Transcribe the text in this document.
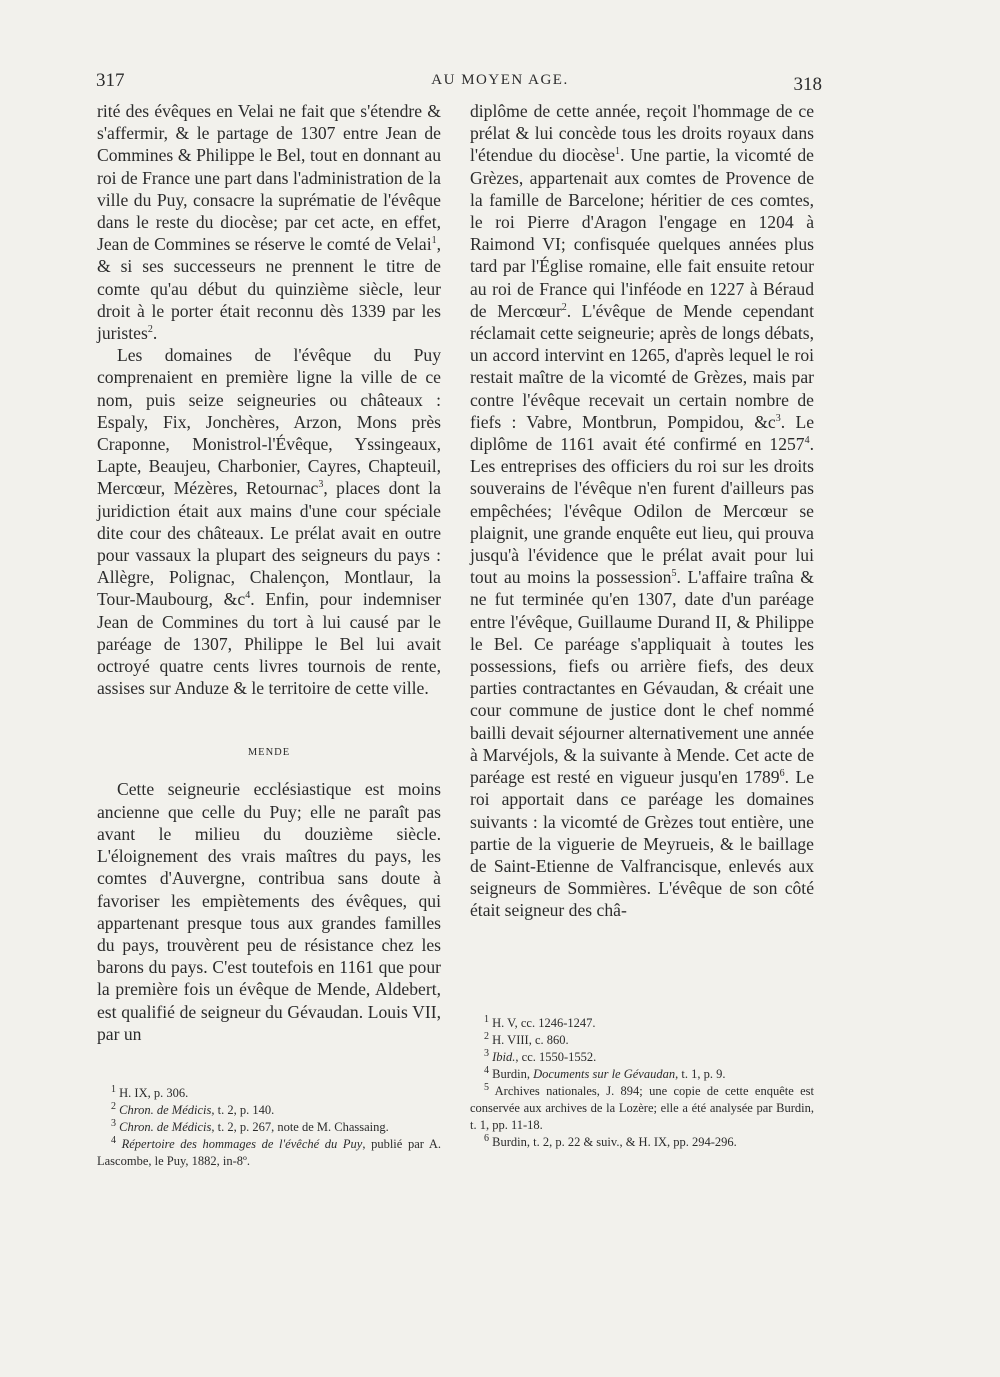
317	AU MOYEN AGE.	318

rité des évêques en Velai ne fait que s'étendre & s'affermir, & le partage de 1307 entre Jean de Commines & Philippe le Bel, tout en donnant au roi de France une part dans l'administration de la ville du Puy, consacre la suprématie de l'évêque dans le reste du diocèse; par cet acte, en effet, Jean de Commines se réserve le comté de Velai$^1$, & si ses successeurs ne prennent le titre de comte qu'au début du quinzième siècle, leur droit à le porter était reconnu dès 1339 par les juristes$^2$.

Les domaines de l'évêque du Puy comprenaient en première ligne la ville de ce nom, puis seize seigneuries ou châteaux : Espaly, Fix, Jonchères, Arzon, Mons près Craponne, Monistrol-l'Évêque, Yssingeaux, Lapte, Beaujeu, Charbonier, Cayres, Chapteuil, Mercœur, Mézères, Retournac$^3$, places dont la juridiction était aux mains d'une cour spéciale dite cour des châteaux. Le prélat avait en outre pour vassaux la plupart des seigneurs du pays : Allègre, Polignac, Chalençon, Montlaur, la Tour-Maubourg, $\&c^4$. Enfin, pour indemniser Jean de Commines du tort à lui causé par le paréage de 1307, Philippe le Bel lui avait octroyé quatre cents livres tournois de rente, assises sur Anduze & le territoire de cette ville.

MENDE

Cette seigneurie ecclésiastique est moins ancienne que celle du Puy; elle ne paraît pas avant le milieu du douzième siècle. L'éloignement des vrais maîtres du pays, les comtes d'Auvergne, contribua sans doute à favoriser les empiètements des évêques, qui appartenant presque tous aux grandes familles du pays, trouvèrent peu de résistance chez les barons du pays. C'est toutefois en 1161 que pour la première fois un évêque de Mende, Aldebert, est qualifié de seigneur du Gévaudan. Louis VII, par un

diplôme de cette année, reçoit l'hommage de ce prélat & lui concède tous les droits royaux dans l'étendue du diocèse$^1$. Une partie, la vicomté de Grèzes, appartenait aux comtes de Provence de la famille de Barcelone; héritier de ces comtes, le roi Pierre d'Aragon l'engage en 1204 à Raimond VI; confisquée quelques années plus tard par l'Église romaine, elle fait ensuite retour au roi de France qui l'inféode en 1227 à Béraud de Mercœur$^2$. L'évêque de Mende cependant réclamait cette seigneurie; après de longs débats, un accord intervint en 1265, d'après lequel le roi restait maître de la vicomté de Grèzes, mais par contre l'évêque recevait un certain nombre de fiefs : Vabre, Montbrun, Pompidou, $\&c^3$. Le diplôme de 1161 avait été confirmé en 1257$^4$. Les entreprises des officiers du roi sur les droits souverains de l'évêque n'en furent d'ailleurs pas empêchées; l'évêque Odilon de Mercœur se plaignit, une grande enquête eut lieu, qui prouva jusqu'à l'évidence que le prélat avait pour lui tout au moins la possession$^5$. L'affaire traîna & ne fut terminée qu'en 1307, date d'un paréage entre l'évêque, Guillaume Durand II, & Philippe le Bel. Ce paréage s'appliquait à toutes les possessions, fiefs ou arrière fiefs, des deux parties contractantes en Gévaudan, & créait une cour commune de justice dont le chef nommé bailli devait séjourner alternativement une année à Marvéjols, & la suivante à Mende. Cet acte de paréage est resté en vigueur jusqu'en 1789$^6$. Le roi apportait dans ce paréage les domaines suivants : la vicomté de Grèzes tout entière, une partie de la viguerie de Meyrueis, & le baillage de Saint-Etienne de Valfrancisque, enlevés aux seigneurs de Sommières. L'évêque de son côté était seigneur des châ-

$^1$ H. IX, p. 306.

$^2$ Chron. de Médicis, t. 2, p. 140.

$^3$ Chron. de Médicis, t. 2, p. 267, note de M. Chassaing.

$^4$ Répertoire des hommages de l'évêché du Puy, publié par A. Lascombe, le Puy, 1882, in-8º.

$^1$ H. V, cc. 1246-1247.

$^2$ H. VIII, c. 860.

$^3$ Ibid., cc. 1550-1552.

$^4$ Burdin, Documents sur le Gévaudan, t. 1, p. 9.

$^5$ Archives nationales, J. 894; une copie de cette enquête est conservée aux archives de la Lozère; elle a été analysée par Burdin, t. 1, pp. 11-18.

$^6$ Burdin, t. 2, p. 22 & suiv., & H. IX, pp. 294-296.
